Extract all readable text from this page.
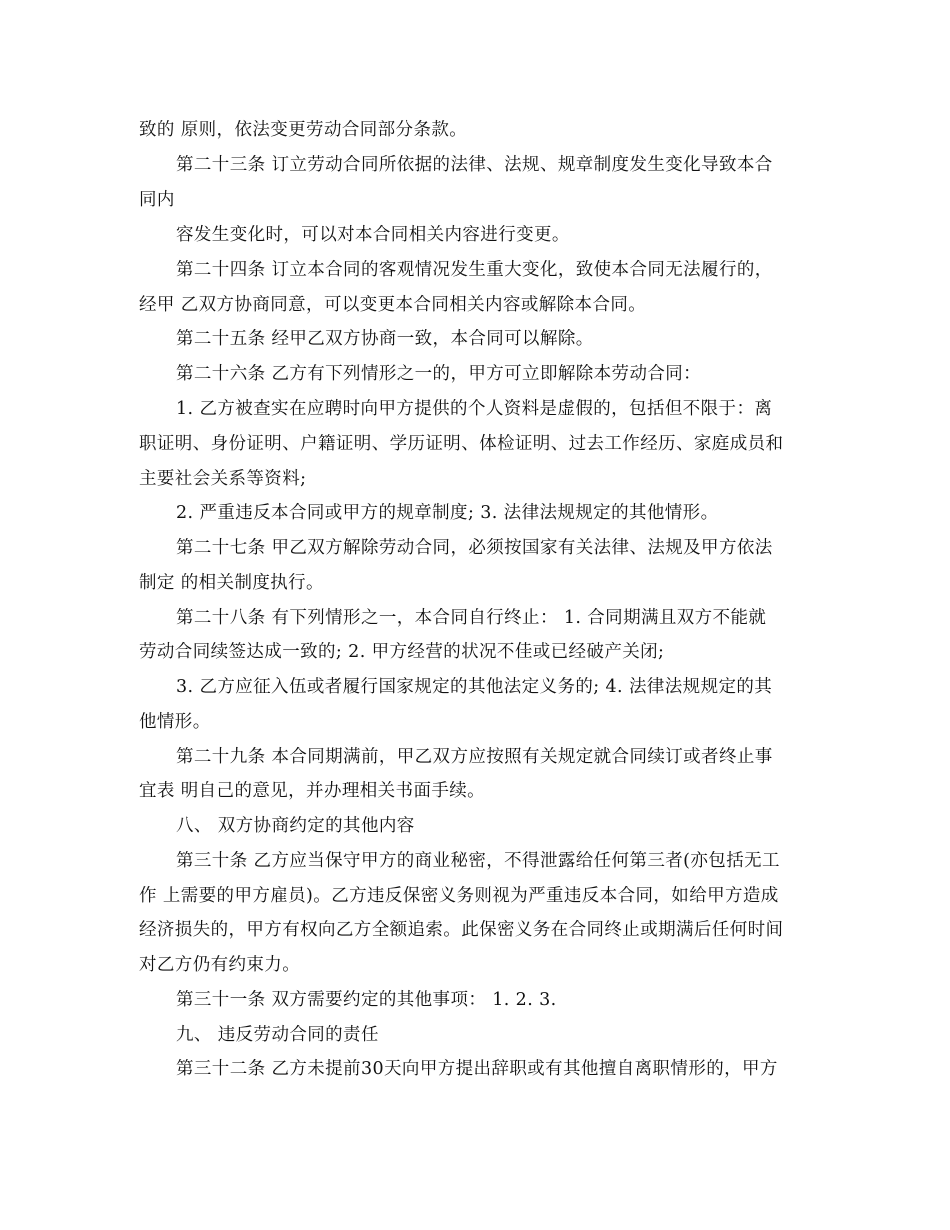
致的 原则，依法变更劳动合同部分条款。
第二十三条 订立劳动合同所依据的法律、法规、规章制度发生变化导致本合
同内
容发生变化时，可以对本合同相关内容进行变更。
第二十四条 订立本合同的客观情况发生重大变化，致使本合同无法履行的，
经甲 乙双方协商同意，可以变更本合同相关内容或解除本合同。
第二十五条 经甲乙双方协商一致，本合同可以解除。
第二十六条 乙方有下列情形之一的，甲方可立即解除本劳动合同：
1. 乙方被查实在应聘时向甲方提供的个人资料是虚假的，包括但不限于：离
职证明、身份证明、户籍证明、学历证明、体检证明、过去工作经历、家庭成员和
主要社会关系等资料;
2. 严重违反本合同或甲方的规章制度; 3. 法律法规规定的其他情形。
第二十七条 甲乙双方解除劳动合同，必须按国家有关法律、法规及甲方依法
制定 的相关制度执行。
第二十八条 有下列情形之一，本合同自行终止： 1. 合同期满且双方不能就
劳动合同续签达成一致的; 2. 甲方经营的状况不佳或已经破产关闭;
3. 乙方应征入伍或者履行国家规定的其他法定义务的; 4. 法律法规规定的其
他情形。
第二十九条 本合同期满前，甲乙双方应按照有关规定就合同续订或者终止事
宜表 明自己的意见，并办理相关书面手续。
八、 双方协商约定的其他内容
第三十条 乙方应当保守甲方的商业秘密，不得泄露给任何第三者(亦包括无工
作 上需要的甲方雇员)。乙方违反保密义务则视为严重违反本合同，如给甲方造成
经济损失的，甲方有权向乙方全额追索。此保密义务在合同终止或期满后任何时间
对乙方仍有约束力。
第三十一条 双方需要约定的其他事项： 1. 2. 3.
九、 违反劳动合同的责任
第三十二条 乙方未提前30天向甲方提出辞职或有其他擅自离职情形的，甲方
